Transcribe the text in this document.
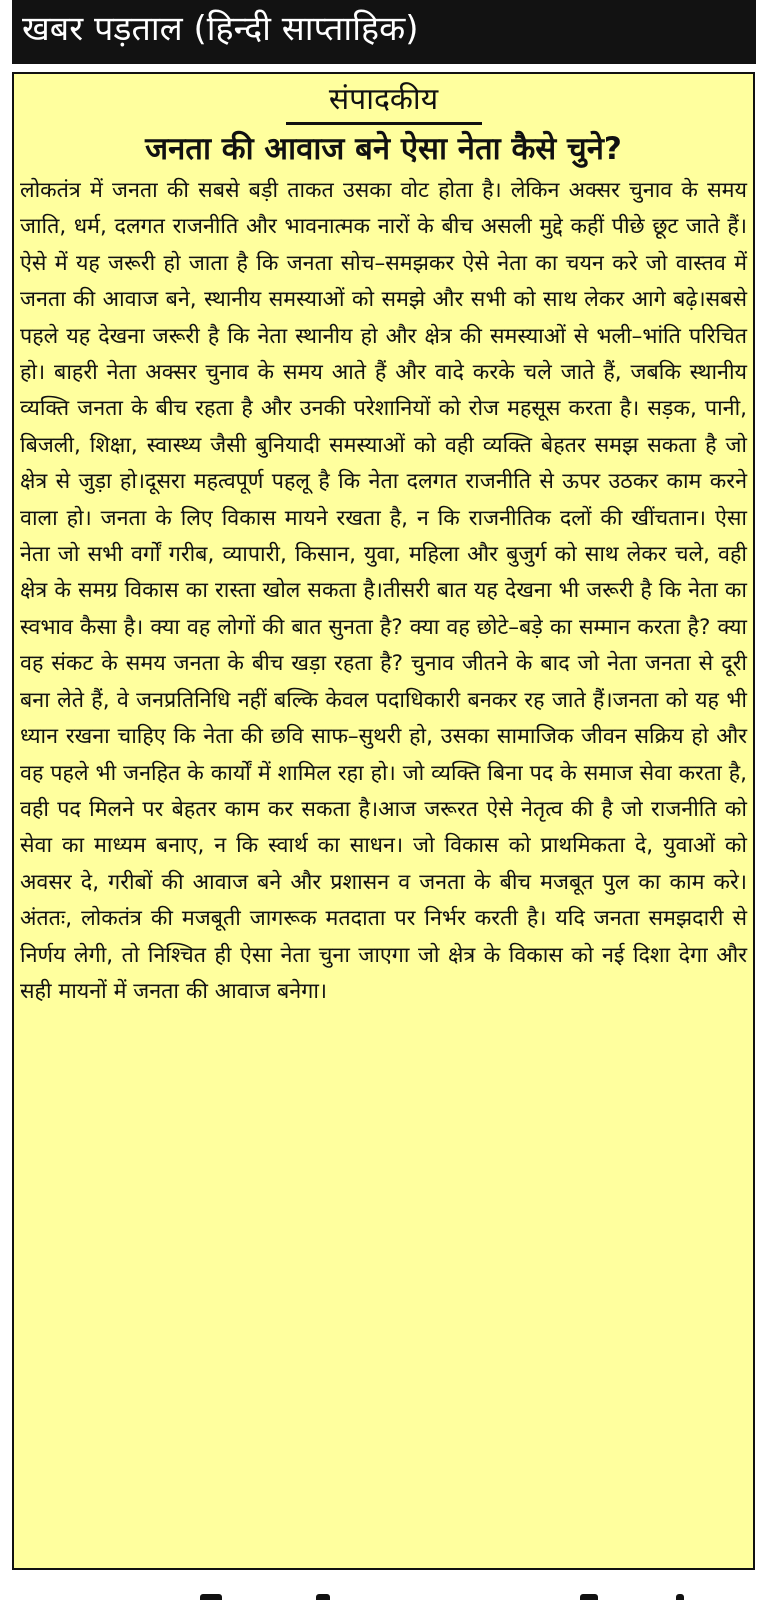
खबर पड़ताल (हिन्दी साप्ताहिक)
संपादकीय
जनता की आवाज बने ऐसा नेता कैसे चुने?

लोकतंत्र में जनता की सबसे बड़ी ताकत उसका वोट होता है। लेकिन अक्सर चुनाव के समय जाति, धर्म, दलगत राजनीति और भावनात्मक नारों के बीच असली मुद्दे कहीं पीछे छूट जाते हैं। ऐसे में यह जरूरी हो जाता है कि जनता सोच–समझकर ऐसे नेता का चयन करे जो वास्तव में जनता की आवाज बने, स्थानीय समस्याओं को समझे और सभी को साथ लेकर आगे बढ़े।सबसे पहले यह देखना जरूरी है कि नेता स्थानीय हो और क्षेत्र की समस्याओं से भली–भांति परिचित हो। बाहरी नेता अक्सर चुनाव के समय आते हैं और वादे करके चले जाते हैं, जबकि स्थानीय व्यक्ति जनता के बीच रहता है और उनकी परेशानियों को रोज महसूस करता है। सड़क, पानी, बिजली, शिक्षा, स्वास्थ्य जैसी बुनियादी समस्याओं को वही व्यक्ति बेहतर समझ सकता है जो क्षेत्र से जुड़ा हो।दूसरा महत्वपूर्ण पहलू है कि नेता दलगत राजनीति से ऊपर उठकर काम करने वाला हो। जनता के लिए विकास मायने रखता है, न कि राजनीतिक दलों की खींचतान। ऐसा नेता जो सभी वर्गों गरीब, व्यापारी, किसान, युवा, महिला और बुजुर्ग को साथ लेकर चले, वही क्षेत्र के समग्र विकास का रास्ता खोल सकता है।तीसरी बात यह देखना भी जरूरी है कि नेता का स्वभाव कैसा है। क्या वह लोगों की बात सुनता है? क्या वह छोटे–बड़े का सम्मान करता है? क्या वह संकट के समय जनता के बीच खड़ा रहता है? चुनाव जीतने के बाद जो नेता जनता से दूरी बना लेते हैं, वे जनप्रतिनिधि नहीं बल्कि केवल पदाधिकारी बनकर रह जाते हैं।जनता को यह भी ध्यान रखना चाहिए कि नेता की छवि साफ–सुथरी हो, उसका सामाजिक जीवन सक्रिय हो और वह पहले भी जनहित के कार्यों में शामिल रहा हो। जो व्यक्ति बिना पद के समाज सेवा करता है, वही पद मिलने पर बेहतर काम कर सकता है।आज जरूरत ऐसे नेतृत्व की है जो राजनीति को सेवा का माध्यम बनाए, न कि स्वार्थ का साधन। जो विकास को प्राथमिकता दे, युवाओं को अवसर दे, गरीबों की आवाज बने और प्रशासन व जनता के बीच मजबूत पुल का काम करे।अंततः, लोकतंत्र की मजबूती जागरूक मतदाता पर निर्भर करती है। यदि जनता समझदारी से निर्णय लेगी, तो निश्चित ही ऐसा नेता चुना जाएगा जो क्षेत्र के विकास को नई दिशा देगा और सही मायनों में जनता की आवाज बनेगा।
